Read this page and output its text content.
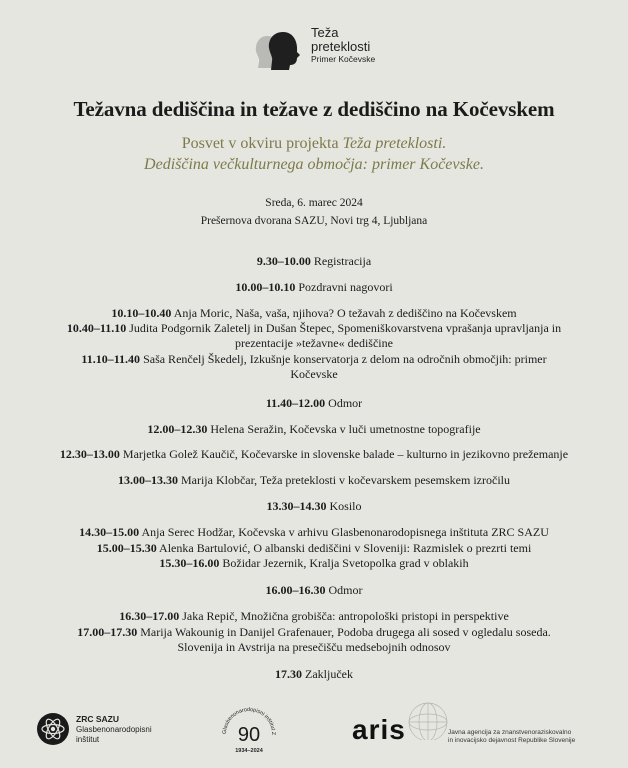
Teža
preteklosti
Primer Kočevske
Težavna dediščina in težave z dediščino na Kočevskem
Posvet v okviru projekta Teža preteklosti.
Dediščina večkulturnega območja: primer Kočevske.
Sreda, 6. marec 2024
Prešernova dvorana SAZU, Novi trg 4, Ljubljana
9.30–10.00 Registracija
10.00–10.10 Pozdravni nagovori
10.10–10.40 Anja Moric, Naša, vaša, njihova? O težavah z dediščino na Kočevskem
10.40–11.10 Judita Podgornik Zaletelj in Dušan Štepec, Spomeniškovarstvena vprašanja upravljanja in
prezentacije »težavne« dediščine
11.10–11.40 Saša Renčelj Škedelj, Izkušnje konservatorja z delom na odročnih območjih: primer
Kočevske
11.40–12.00 Odmor
12.00–12.30 Helena Seražin, Kočevska v luči umetnostne topografije
12.30–13.00 Marjetka Golež Kaučič, Kočevarske in slovenske balade – kulturno in jezikovno prežemanje
13.00–13.30 Marija Klobčar, Teža preteklosti v kočevarskem pesemskem izročilu
13.30–14.30 Kosilo
14.30–15.00 Anja Serec Hodžar, Kočevska v arhivu Glasbenonarodopisnega inštituta ZRC SAZU
15.00–15.30 Alenka Bartulović, O albanski dediščini v Sloveniji: Razmislek o prezrti temi
15.30–16.00 Božidar Jezernik, Kralja Svetopolka grad v oblakih
16.00–16.30 Odmor
16.30–17.00 Jaka Repič, Množična grobišča: antropološki pristopi in perspektive
17.00–17.30 Marija Wakounig in Danijel Grafenauer, Podoba drugega ali sosed v ogledalu soseda.
Slovenija in Avstrija na presečišču medsebojnih odnosov
17.30 Zaključek
ZRC SAZU
Glasbenonarodopisni
inštitut
Glasbenonarodopisni inštitut Z
90
1934–2024
aris	Javna agencija za znanstvenoraziskovalno
in inovacijsko dejavnost Republike Slovenije
